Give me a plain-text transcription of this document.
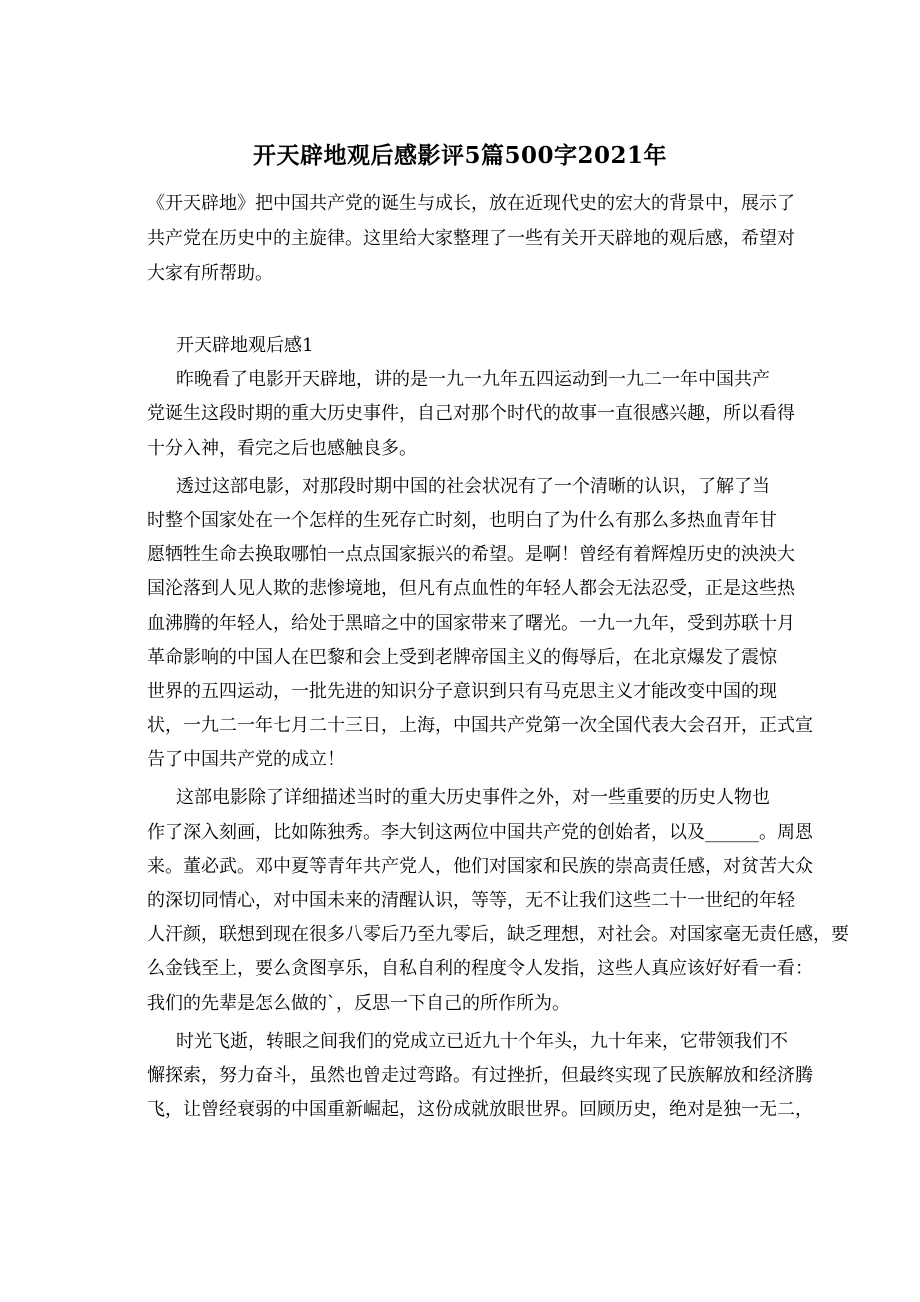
开天辟地观后感影评5篇500字2021年
《开天辟地》把中国共产党的诞生与成长，放在近现代史的宏大的背景中，展示了
共产党在历史中的主旋律。这里给大家整理了一些有关开天辟地的观后感，希望对
大家有所帮助。
开天辟地观后感1
昨晚看了电影开天辟地，讲的是一九一九年五四运动到一九二一年中国共产
党诞生这段时期的重大历史事件，自己对那个时代的故事一直很感兴趣，所以看得
十分入神，看完之后也感触良多。
透过这部电影，对那段时期中国的社会状况有了一个清晰的认识，了解了当
时整个国家处在一个怎样的生死存亡时刻，也明白了为什么有那么多热血青年甘
愿牺牲生命去换取哪怕一点点国家振兴的希望。是啊！曾经有着辉煌历史的泱泱大
国沦落到人见人欺的悲惨境地，但凡有点血性的年轻人都会无法忍受，正是这些热
血沸腾的年轻人，给处于黑暗之中的国家带来了曙光。一九一九年，受到苏联十月
革命影响的中国人在巴黎和会上受到老牌帝国主义的侮辱后，在北京爆发了震惊
世界的五四运动，一批先进的知识分子意识到只有马克思主义才能改变中国的现
状，一九二一年七月二十三日，上海，中国共产党第一次全国代表大会召开，正式宣
告了中国共产党的成立！
这部电影除了详细描述当时的重大历史事件之外，对一些重要的历史人物也
作了深入刻画，比如陈独秀。李大钊这两位中国共产党的创始者，以及______。周恩
来。董必武。邓中夏等青年共产党人，他们对国家和民族的崇高责任感，对贫苦大众
的深切同情心，对中国未来的清醒认识，等等，无不让我们这些二十一世纪的年轻
人汗颜，联想到现在很多八零后乃至九零后，缺乏理想，对社会。对国家毫无责任感，要
么金钱至上，要么贪图享乐，自私自利的程度令人发指，这些人真应该好好看一看：
我们的先辈是怎么做的`，反思一下自己的所作所为。
时光飞逝，转眼之间我们的党成立已近九十个年头，九十年来，它带领我们不
懈探索，努力奋斗，虽然也曾走过弯路。有过挫折，但最终实现了民族解放和经济腾
飞，让曾经衰弱的中国重新崛起，这份成就放眼世界。回顾历史，绝对是独一无二，
